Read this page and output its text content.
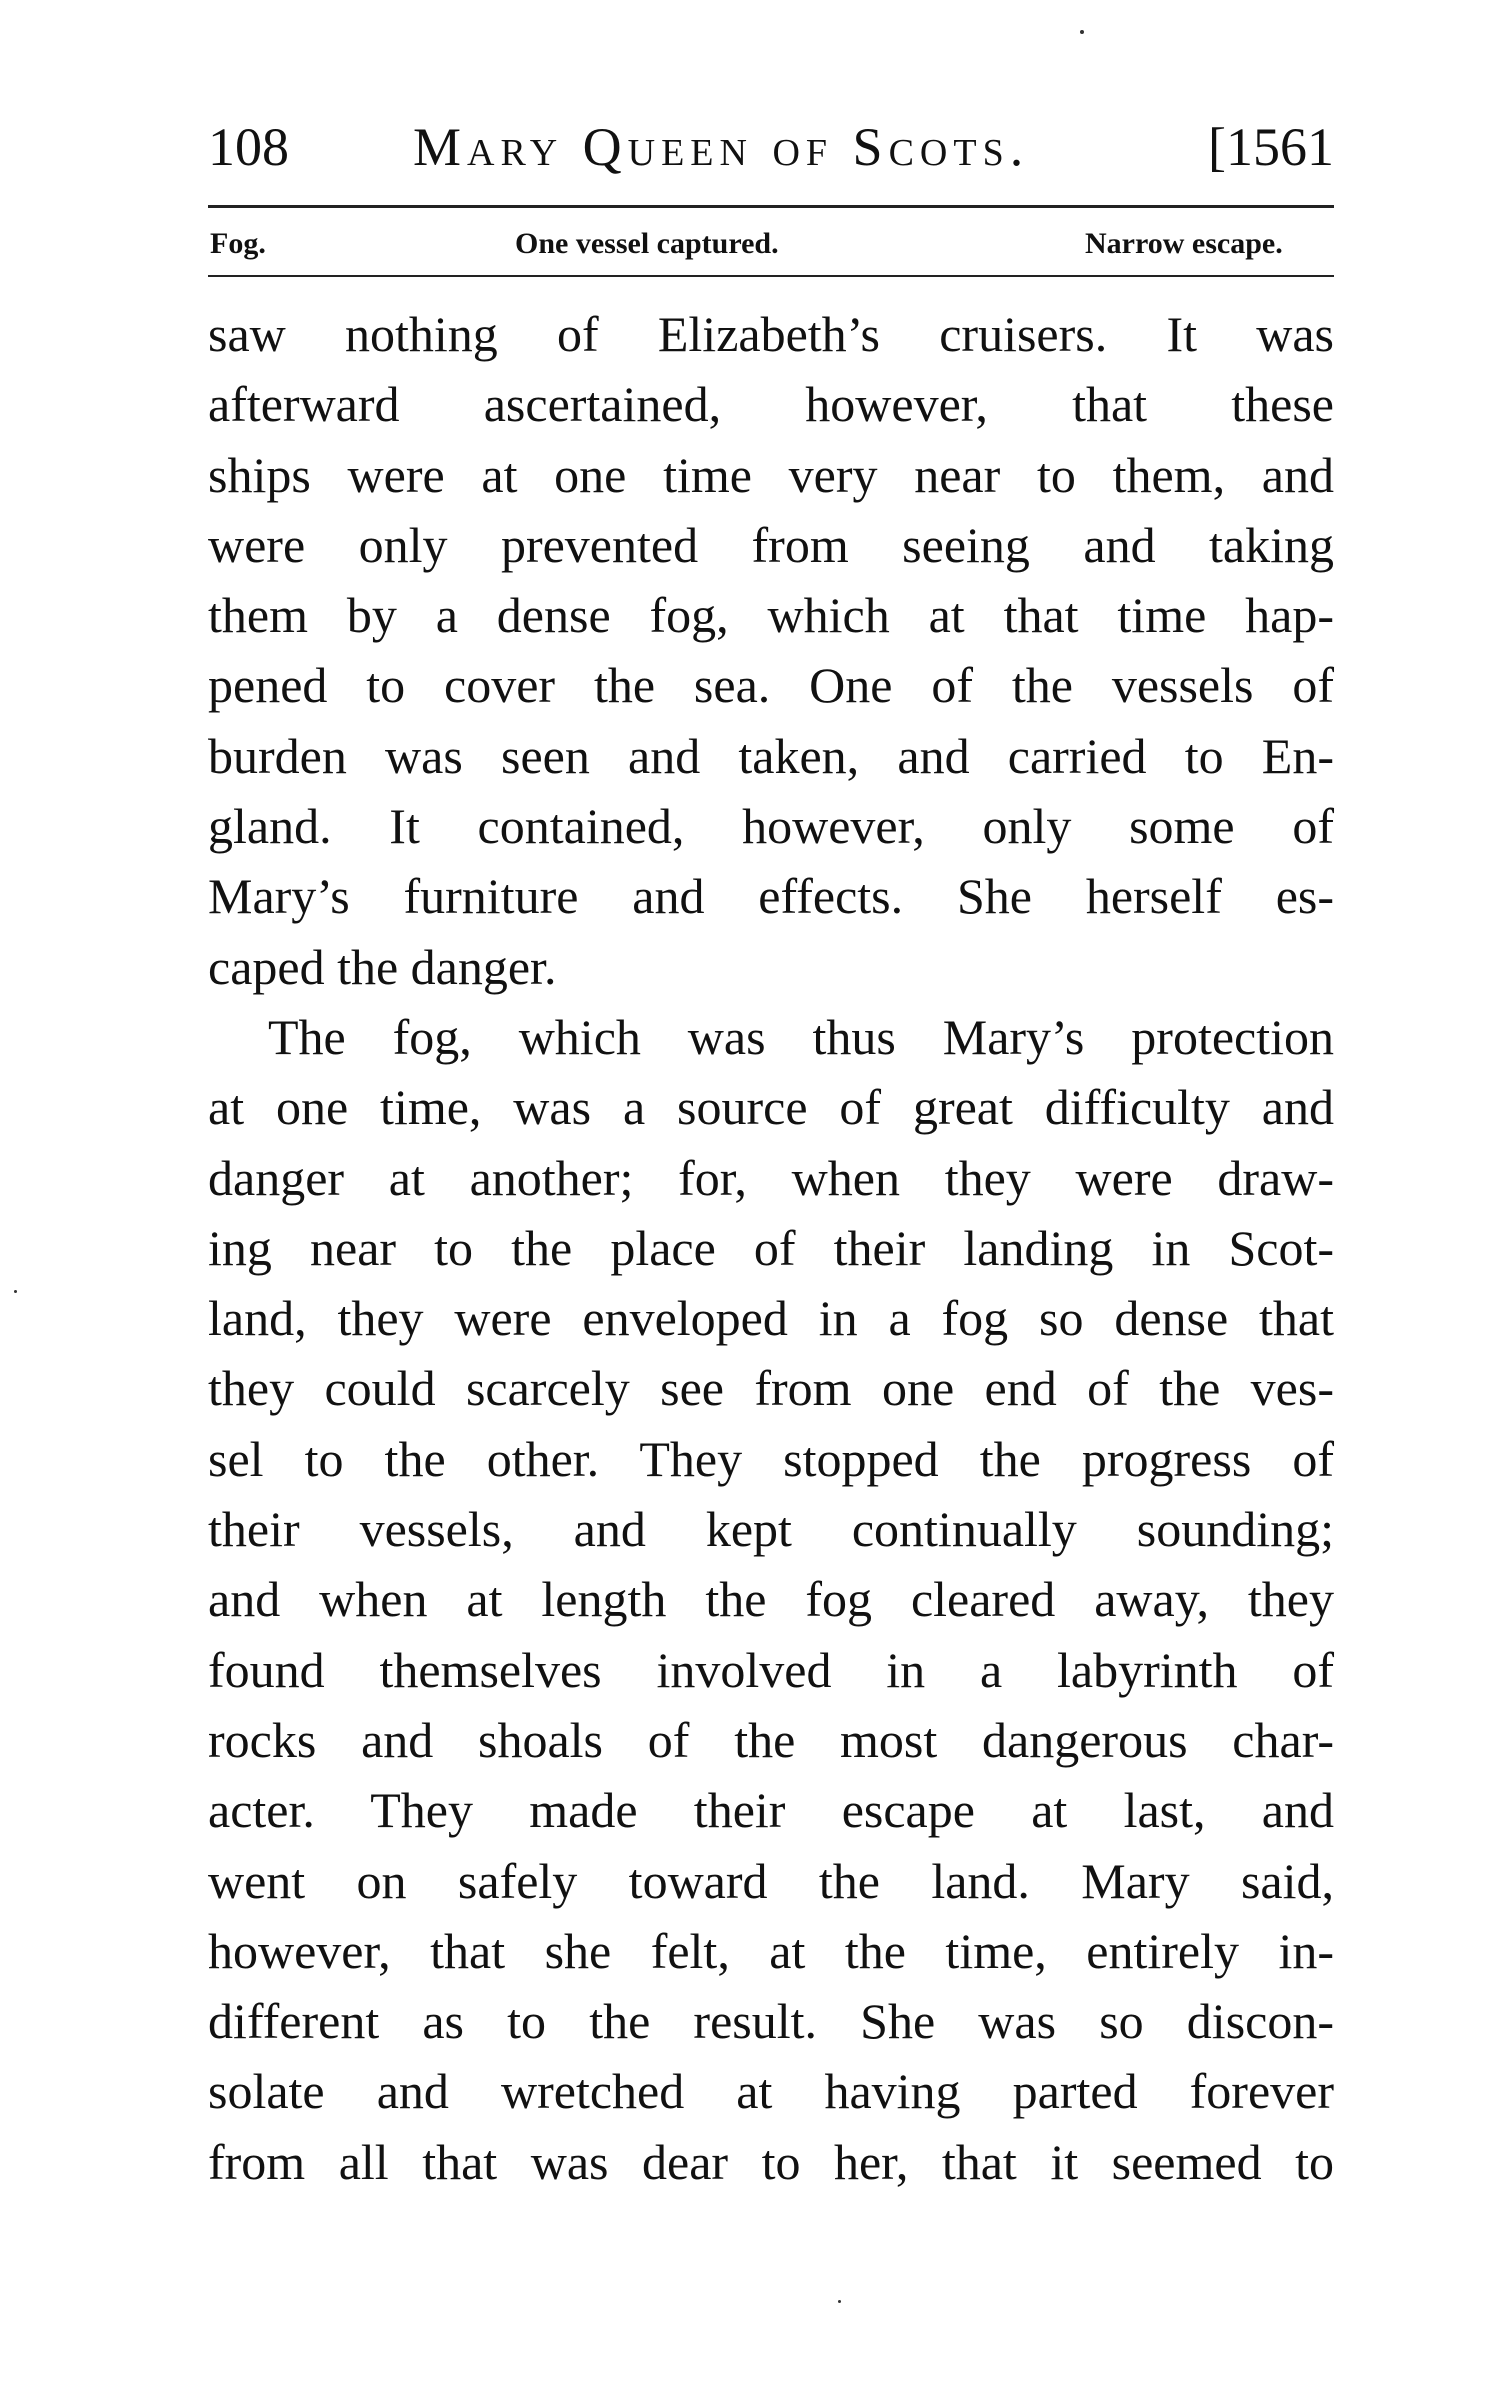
108 Mary Queen of Scots.	[1561
Fog.	One vessel captured.	Narrow escape.
saw nothing of Elizabeth’s cruisers. It was
afterward ascertained, however, that these
ships were at one time very near to them, and
were only prevented from seeing and taking
them by a dense fog, which at that time hap-
pened to cover the sea. One of the vessels of
burden was seen and taken, and carried to En-
gland. It contained, however, only some of
Mary’s furniture and effects. She herself es-
caped the danger.
The fog, which was thus Mary’s protection
at one time, was a source of great difficulty and
danger at another; for, when they were draw-
ing near to the place of their landing in Scot-
land, they were enveloped in a fog so dense that
they could scarcely see from one end of the ves-
sel to the other. They stopped the progress of
their vessels, and kept continually sounding;
and when at length the fog cleared away, they
found themselves involved in a labyrinth of
rocks and shoals of the most dangerous char-
acter. They made their escape at last, and
went on safely toward the land. Mary said,
however, that she felt, at the time, entirely in-
different as to the result. She was so discon-
solate and wretched at having parted forever
from all that was dear to her, that it seemed to
